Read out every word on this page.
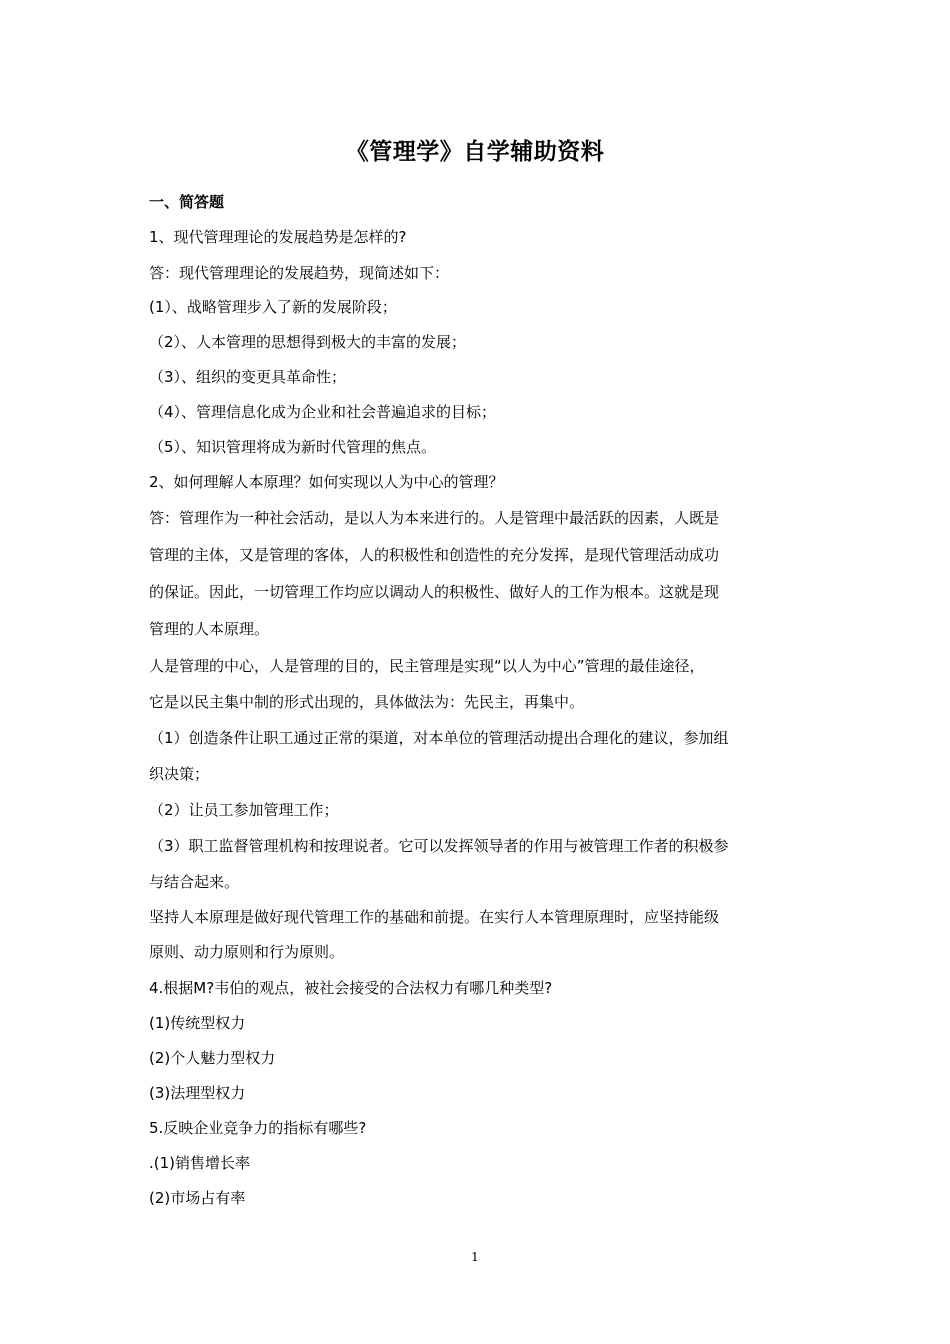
《管理学》自学辅助资料
一、简答题
1、现代管理理论的发展趋势是怎样的?
答：现代管理理论的发展趋势，现简述如下：
(1）、战略管理步入了新的发展阶段；
（2）、人本管理的思想得到极大的丰富的发展；
（3）、组织的变更具革命性；
（4）、管理信息化成为企业和社会普遍追求的目标；
（5）、知识管理将成为新时代管理的焦点。
2、如何理解人本原理？如何实现以人为中心的管理？
答：管理作为一种社会活动，是以人为本来进行的。人是管理中最活跃的因素，人既是
管理的主体，又是管理的客体，人的积极性和创造性的充分发挥，是现代管理活动成功
的保证。因此，一切管理工作均应以调动人的积极性、做好人的工作为根本。这就是现
管理的人本原理。
人是管理的中心，人是管理的目的，民主管理是实现“以人为中心”管理的最佳途径，
它是以民主集中制的形式出现的，具体做法为：先民主，再集中。
（1）创造条件让职工通过正常的渠道，对本单位的管理活动提出合理化的建议，参加组
织决策；
（2）让员工参加管理工作；
（3）职工监督管理机构和按理说者。它可以发挥领导者的作用与被管理工作者的积极参
与结合起来。
坚持人本原理是做好现代管理工作的基础和前提。在实行人本管理原理时，应坚持能级
原则、动力原则和行为原则。
4.根据M?韦伯的观点，被社会接受的合法权力有哪几种类型?
(1)传统型权力
(2)个人魅力型权力
(3)法理型权力
5.反映企业竞争力的指标有哪些?
.(1)销售增长率
(2)市场占有率
1
